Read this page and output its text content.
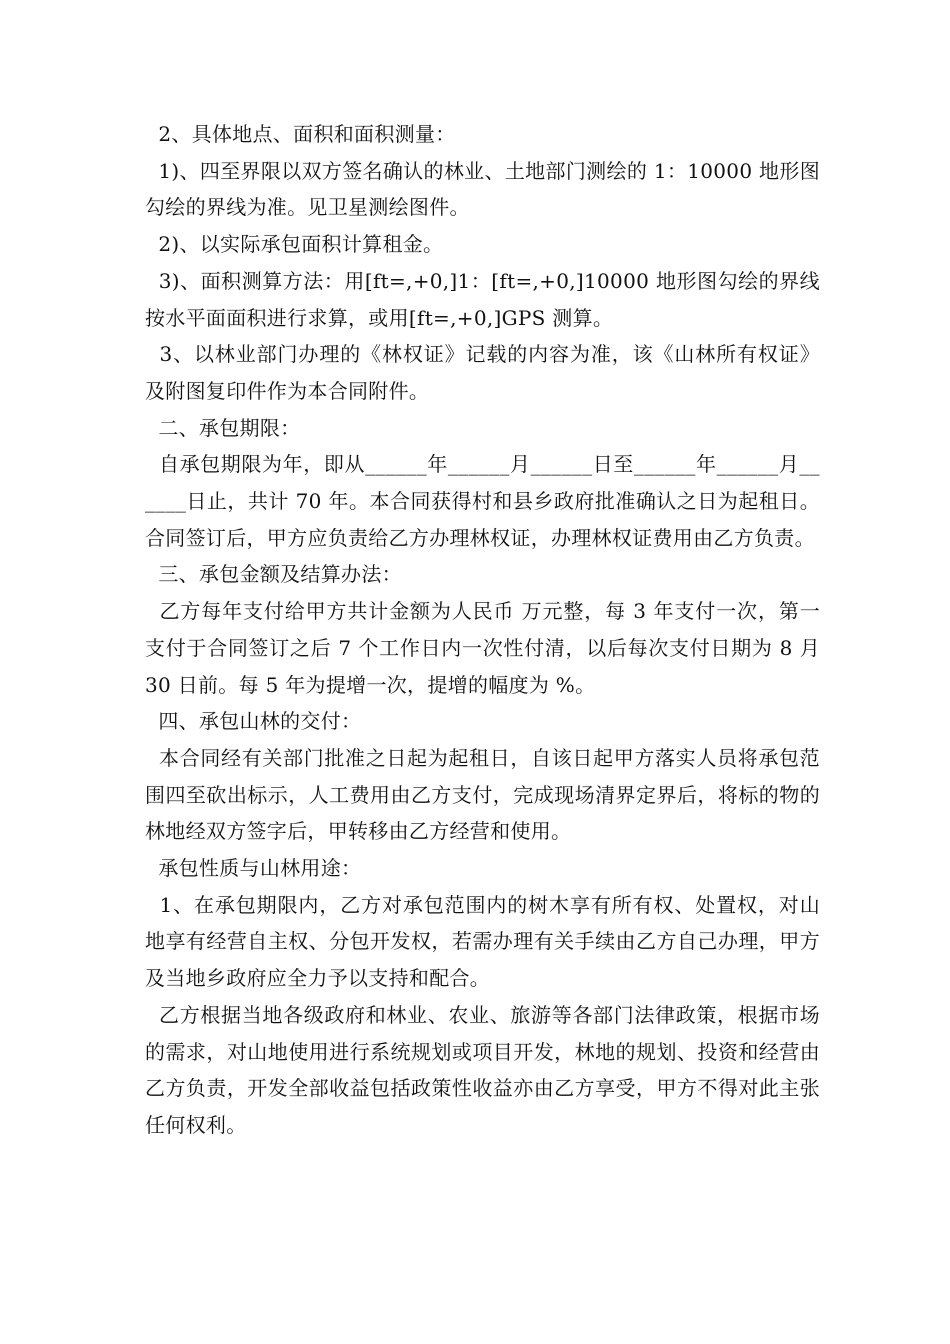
2、具体地点、面积和面积测量：

1)、四至界限以双方签名确认的林业、土地部门测绘的 1：10000 地形图勾绘的界线为准。见卫星测绘图件。

2)、以实际承包面积计算租金。

3)、面积测算方法：用[ft=,+0,]1：[ft=,+0,]10000 地形图勾绘的界线按水平面面积进行求算，或用[ft=,+0,]GPS 测算。

3、以林业部门办理的《林权证》记载的内容为准，该《山林所有权证》及附图复印件作为本合同附件。

二、承包期限：

自承包期限为年，即从______年______月______日至______年______月______日止，共计 70 年。本合同获得村和县乡政府批准确认之日为起租日。合同签订后，甲方应负责给乙方办理林权证，办理林权证费用由乙方负责。

三、承包金额及结算办法：

乙方每年支付给甲方共计金额为人民币 万元整，每 3 年支付一次，第一支付于合同签订之后 7 个工作日内一次性付清，以后每次支付日期为 8 月 30 日前。每 5 年为提增一次，提增的幅度为 %。

四、承包山林的交付：

本合同经有关部门批准之日起为起租日，自该日起甲方落实人员将承包范围四至砍出标示，人工费用由乙方支付，完成现场清界定界后，将标的物的林地经双方签字后，甲转移由乙方经营和使用。

承包性质与山林用途：

1、在承包期限内，乙方对承包范围内的树木享有所有权、处置权，对山地享有经营自主权、分包开发权，若需办理有关手续由乙方自己办理，甲方及当地乡政府应全力予以支持和配合。

乙方根据当地各级政府和林业、农业、旅游等各部门法律政策，根据市场的需求，对山地使用进行系统规划或项目开发，林地的规划、投资和经营由乙方负责，开发全部收益包括政策性收益亦由乙方享受，甲方不得对此主张任何权利。
